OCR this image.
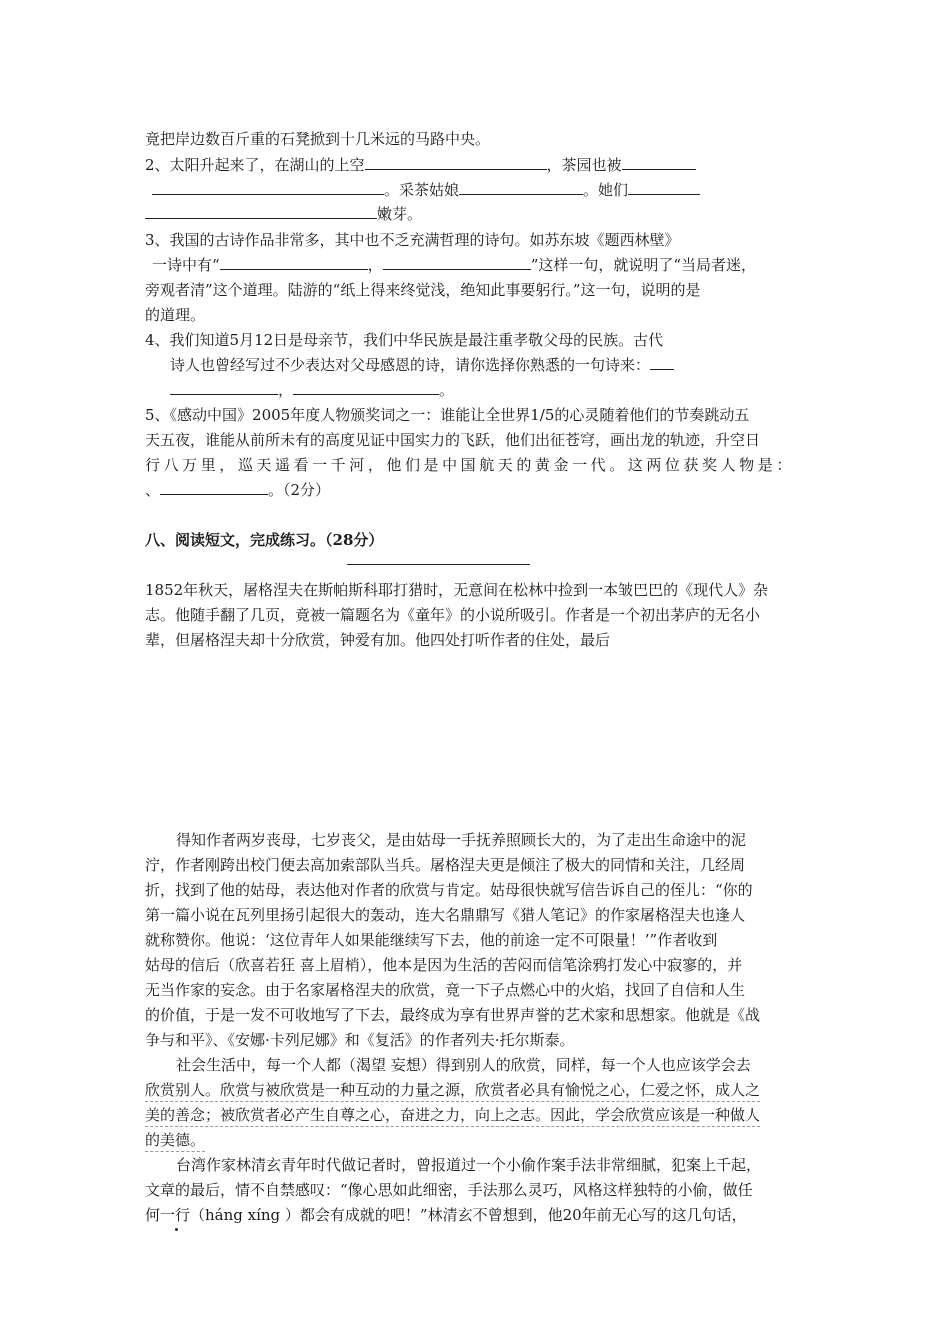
竟把岸边数百斤重的石凳掀到十几米远的马路中央。
2、太阳升起来了，在湖山的上空	，茶园也被
。采茶姑娘	。她们
嫩芽。
3、我国的古诗作品非常多，其中也不乏充满哲理的诗句。如苏东坡《题西林壁》
一诗中有“	，	”这样一句，就说明了“当局者迷，
旁观者清”这个道理。陆游的“纸上得来终觉浅，绝知此事要躬行。”这一句，说明的是
的道理。
4、我们知道5月12日是母亲节，我们中华民族是最注重孝敬父母的民族。古代
诗人也曾经写过不少表达对父母感恩的诗，请你选择你熟悉的一句诗来：
，	。
5、《感动中国》2005年度人物颁奖词之一：谁能让全世界1/5的心灵随着他们的节奏跳动五
天五夜，谁能从前所未有的高度见证中国实力的飞跃，他们出征苍穹，画出龙的轨迹，升空日
行 八 万 里 ， 巡 天 遥 看 一 千 河 ， 他 们 是 中 国 航 天 的 黄 金 一 代 。 这 两 位 获 奖 人 物 是 ：
、	。（2分）
八、阅读短文，完成练习。（28分）
1852年秋天，屠格涅夫在斯帕斯科耶打猎时，无意间在松林中捡到一本皱巴巴的《现代人》杂
志。他随手翻了几页，竟被一篇题名为《童年》的小说所吸引。作者是一个初出茅庐的无名小
辈，但屠格涅夫却十分欣赏，钟爱有加。他四处打听作者的住处，最后
得知作者两岁丧母，七岁丧父，是由姑母一手抚养照顾长大的，为了走出生命途中的泥
泞，作者刚跨出校门便去高加索部队当兵。屠格涅夫更是倾注了极大的同情和关注，几经周
折，找到了他的姑母，表达他对作者的欣赏与肯定。姑母很快就写信告诉自己的侄儿：“你的
第一篇小说在瓦列里扬引起很大的轰动，连大名鼎鼎写《猎人笔记》的作家屠格涅夫也逢人
就称赞你。他说：‘这位青年人如果能继续写下去，他的前途一定不可限量！’”作者收到
姑母的信后（欣喜若狂 喜上眉梢），他本是因为生活的苦闷而信笔涂鸦打发心中寂寥的，并
无当作家的妄念。由于名家屠格涅夫的欣赏，竟一下子点燃心中的火焰，找回了自信和人生
的价值，于是一发不可收地写了下去，最终成为享有世界声誉的艺术家和思想家。他就是《战
争与和平》、《安娜·卡列尼娜》和《复活》的作者列夫·托尔斯泰。
社会生活中，每一个人都（渴望 妄想）得到别人的欣赏，同样，每一个人也应该学会去
欣赏别人。欣赏与被欣赏是一种互动的力量之源，欣赏者必具有愉悦之心，仁爱之怀，成人之
美的善念；被欣赏者必产生自尊之心，奋进之力，向上之志。因此，学会欣赏应该是一种做人
的美德。
台湾作家林清玄青年时代做记者时，曾报道过一个小偷作案手法非常细腻，犯案上千起，
文章的最后，情不自禁感叹：“像心思如此细密，手法那么灵巧，风格这样独特的小偷，做任
何一行（háng xíng ）都会有成就的吧！”林清玄不曾想到，他20年前无心写的这几句话，
